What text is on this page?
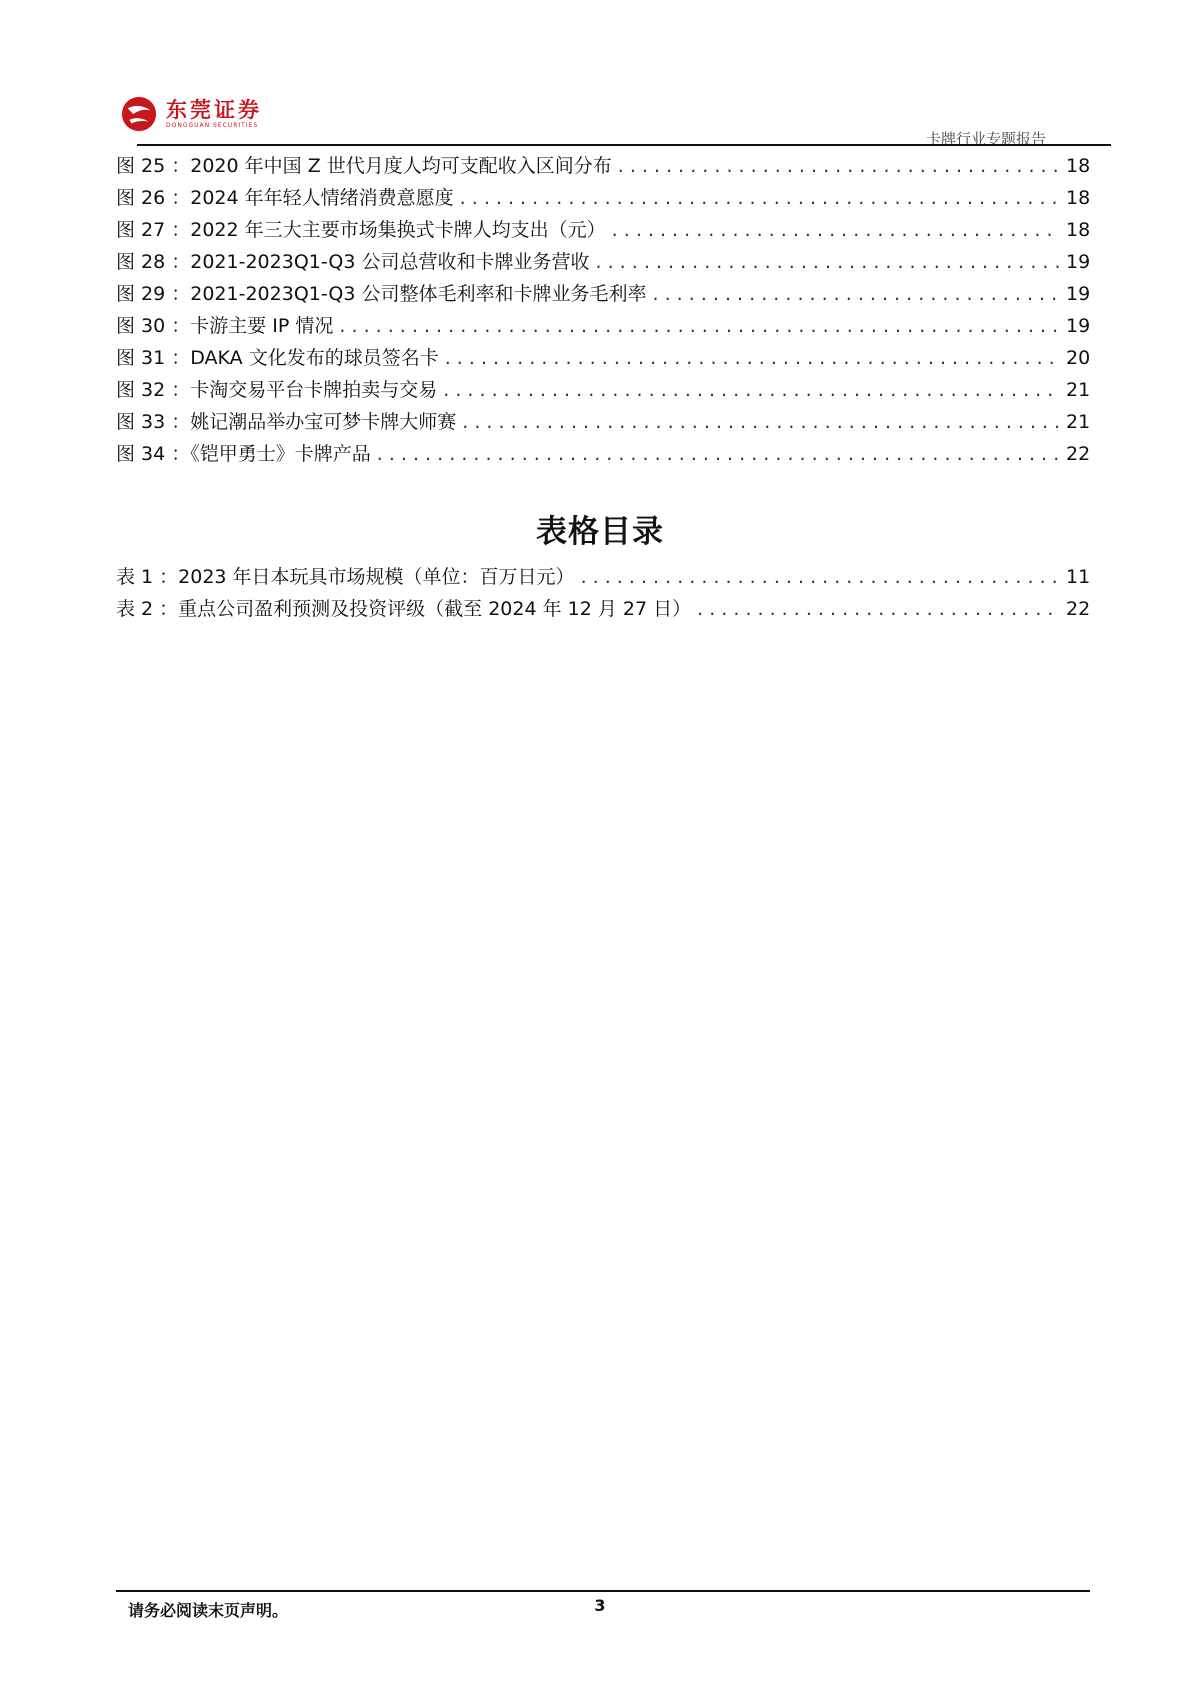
东莞证券
DONGGUAN SECURITIES
卡牌行业专题报告
图 25 ：2020 年中国 Z 世代月度人均可支配收入区间分布 . . .	18
图 26 ：2024 年年轻人情绪消费意愿度 . . .	18
图 27 ：2022 年三大主要市场集换式卡牌人均支出（元） . . .	18
图 28 ：2021-2023Q1-Q3 公司总营收和卡牌业务营收 . . .	19
图 29 ：2021-2023Q1-Q3 公司整体毛利率和卡牌业务毛利率 . . .	19
图 30 ：卡游主要 IP 情况 . . .	19
图 31 ：DAKA 文化发布的球员签名卡 . . .	20
图 32 ：卡淘交易平台卡牌拍卖与交易 . . .	21
图 33 ：姚记潮品举办宝可梦卡牌大师赛 . . .	21
图 34 ：《铠甲勇士》卡牌产品 . . .	22
表格目录
表 1 ：2023 年日本玩具市场规模（单位：百万日元） . . .	11
表 2 ：重点公司盈利预测及投资评级（截至 2024 年 12 月 27 日） . . .	22
请务必阅读末页声明。	3
